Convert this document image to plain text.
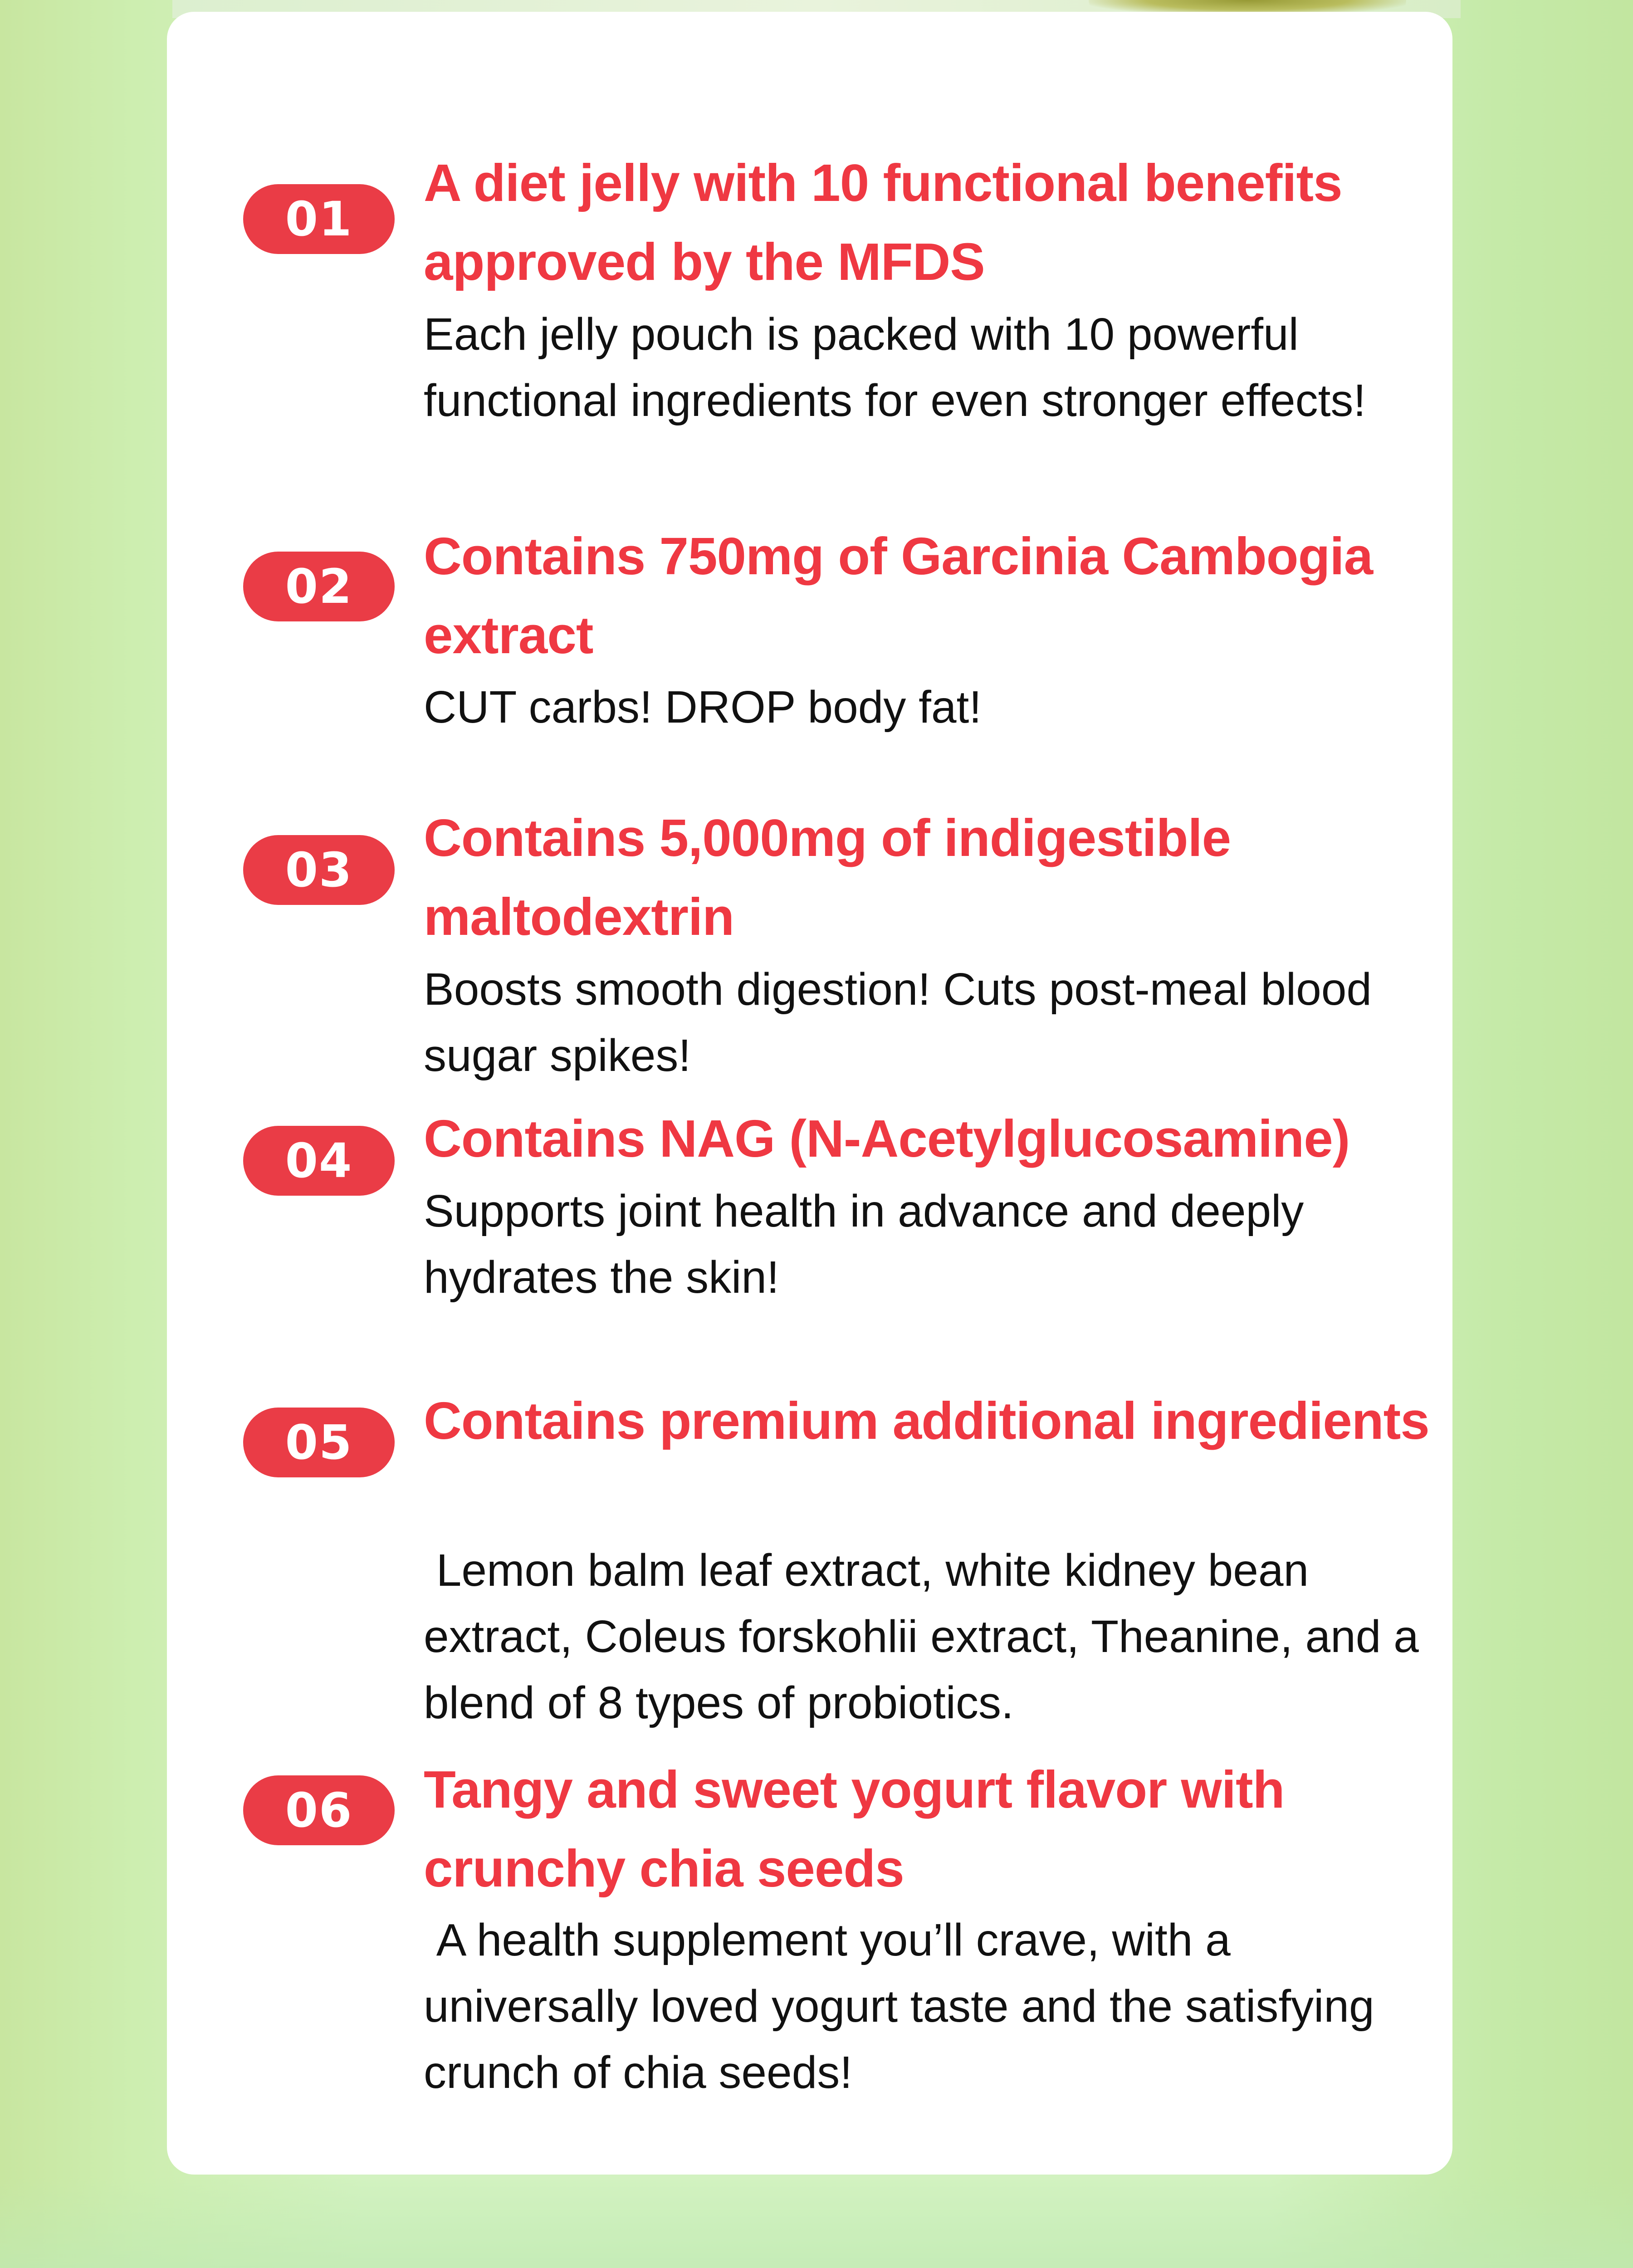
01
A diet jelly with 10 functional benefits approved by the MFDS

Each jelly pouch is packed with 10 powerful functional ingredients for even stronger effects!

02
Contains 750mg of Garcinia Cambogia extract

CUT carbs! DROP body fat!

03
Contains 5,000mg of indigestible maltodextrin

Boosts smooth digestion! Cuts post-meal blood sugar spikes!

04	Contains NAG (N-Acetylglucosamine)

Supports joint health in advance and deeply hydrates the skin!

05	Contains premium additional ingredients

Lemon balm leaf extract, white kidney bean extract, Coleus forskohlii extract, Theanine, and a blend of 8 types of probiotics.

06	Tangy and sweet yogurt flavor with crunchy chia seeds

A health supplement you’ll crave, with a universally loved yogurt taste and the satisfying crunch of chia seeds!
